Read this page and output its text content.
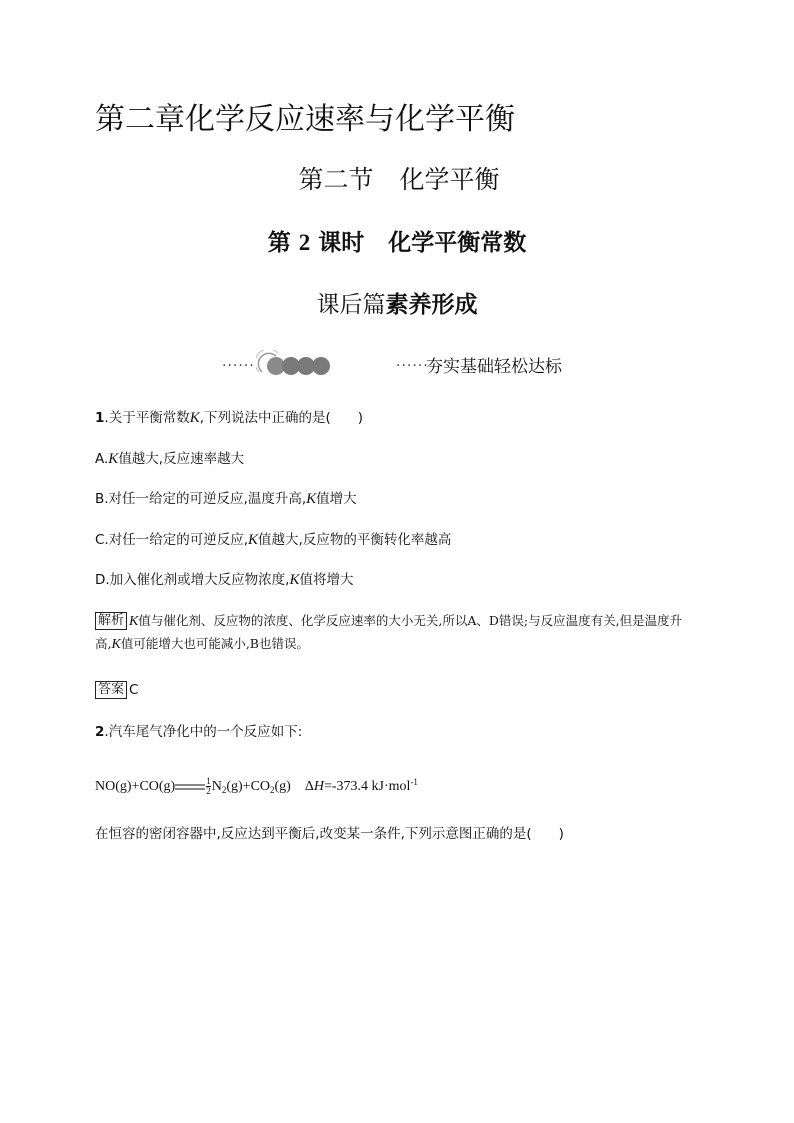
第二章化学反应速率与化学平衡
第二节 化学平衡
第 2 课时 化学平衡常数
课后篇素养形成
······	······
夯实基础轻松达标
1.关于平衡常数K,下列说法中正确的是(　　)
A.K值越大,反应速率越大
B.对任一给定的可逆反应,温度升高,K值增大
C.对任一给定的可逆反应,K值越大,反应物的平衡转化率越高
D.加入催化剂或增大反应物浓度,K值将增大
解析 K值与催化剂、反应物的浓度、化学反应速率的大小无关,所以A、D错误;与反应温度有关,但是温度升高,K值可能增大也可能减小,B也错误。
答案 C
2.汽车尾气净化中的一个反应如下:
NO(g)+CO(g)	$\frac{1}{2} N_2(g)+CO_2(g)$ ΔH=-373.4 kJ·mol$^{-1}$
在恒容的密闭容器中,反应达到平衡后,改变某一条件,下列示意图正确的是(　　)
